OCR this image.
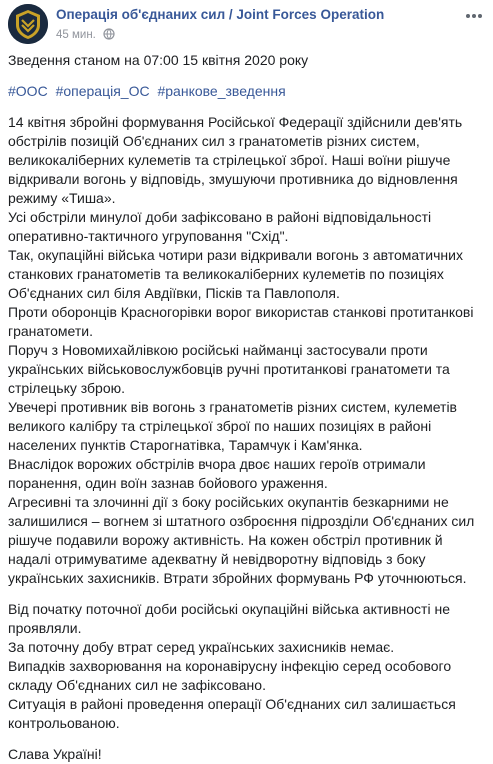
Операція об'єднаних сил / Joint Forces Operation
45 мин.
Зведення станом на 07:00 15 квітня 2020 року
#ООС #операція_ОС #ранкове_зведення
14 квітня збройні формування Російської Федерації здійснили дев'ять
обстрілів позицій Об'єднаних сил з гранатометів різних систем,
великокаліберних кулеметів та стрілецької зброї. Наші воїни рішуче
відкривали вогонь у відповідь, змушуючи противника до відновлення
режиму «Тиша».
Усі обстріли минулої доби зафіксовано в районі відповідальності
оперативно-тактичного угруповання "Схід".
Так, окупаційні війська чотири рази відкривали вогонь з автоматичних
станкових гранатометів та великокаліберних кулеметів по позиціях
Об'єднаних сил біля Авдіївки, Пісків та Павлополя.
Проти оборонців Красногорівки ворог використав станкові протитанкові
гранатомети.
Поруч з Новомихайлівкою російські найманці застосували проти
українських військовослужбовців ручні протитанкові гранатомети та
стрілецьку зброю.
Увечері противник вів вогонь з гранатометів різних систем, кулеметів
великого калібру та стрілецької зброї по наших позиціях в районі
населених пунктів Старогнатівка, Тарамчук і Кам'янка.
Внаслідок ворожих обстрілів вчора двоє наших героїв отримали
поранення, один воїн зазнав бойового ураження.
Агресивні та злочинні дії з боку російських окупантів безкарними не
залишилися – вогнем зі штатного озброєння підрозділи Об'єднаних сил
рішуче подавили ворожу активність. На кожен обстріл противник й
надалі отримуватиме адекватну й невідворотну відповідь з боку
українських захисників. Втрати збройних формувань РФ уточнюються.
Від початку поточної доби російські окупаційні війська активності не
проявляли.
За поточну добу втрат серед українських захисників немає.
Випадків захворювання на коронавірусну інфекцію серед особового
складу Об'єднаних сил не зафіксовано.
Ситуація в районі проведення операції Об'єднаних сил залишається
контрольованою.
Слава Україні!
